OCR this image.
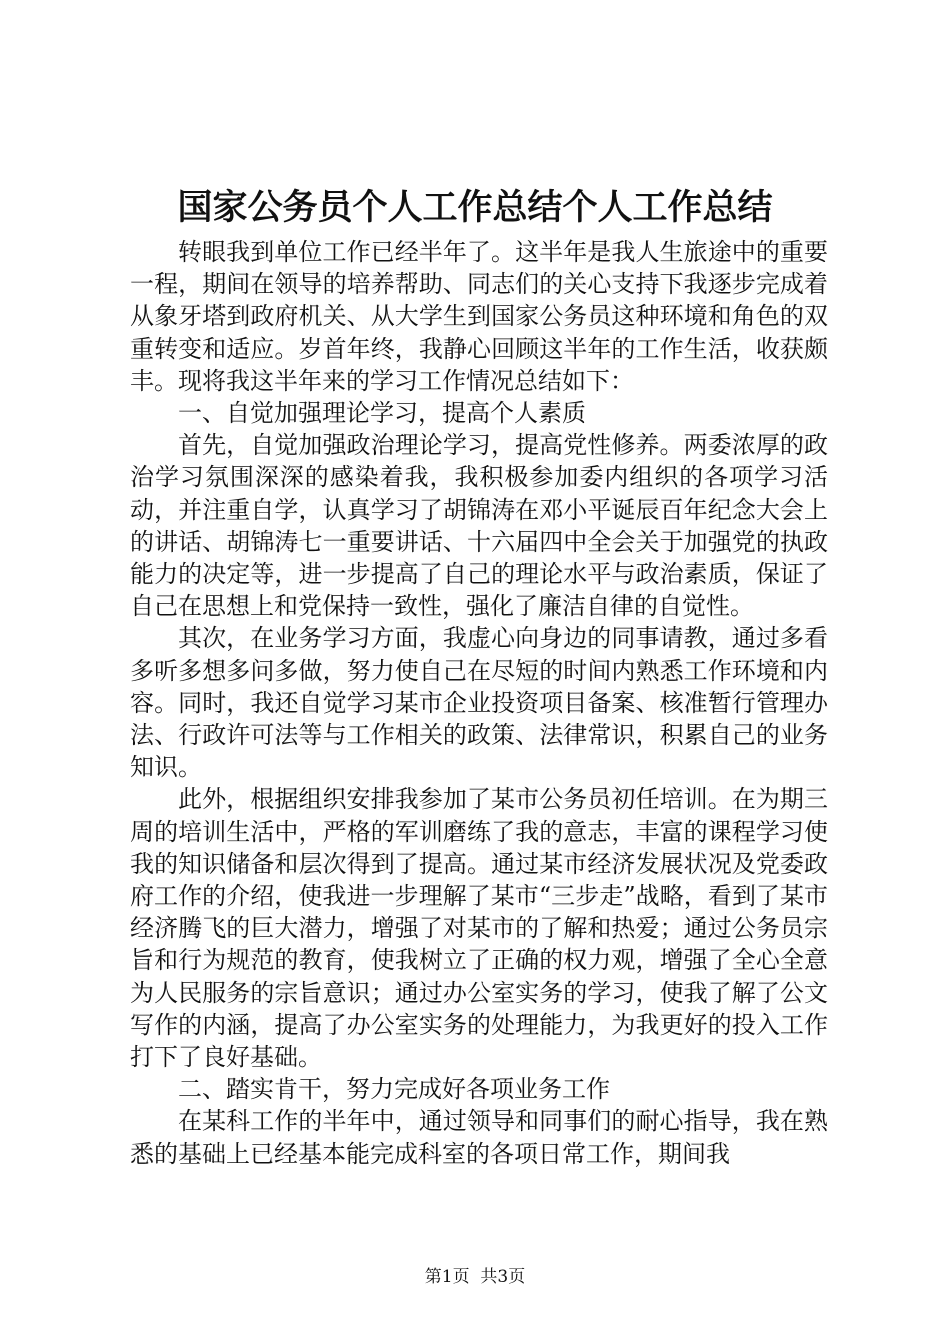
国家公务员个人工作总结个人工作总结

转眼我到单位工作已经半年了。这半年是我人生旅途中的重要一程，期间在领导的培养帮助、同志们的关心支持下我逐步完成着从象牙塔到政府机关、从大学生到国家公务员这种环境和角色的双重转变和适应。岁首年终，我静心回顾这半年的工作生活，收获颇丰。现将我这半年来的学习工作情况总结如下：

一、自觉加强理论学习，提高个人素质

首先，自觉加强政治理论学习，提高党性修养。两委浓厚的政治学习氛围深深的感染着我，我积极参加委内组织的各项学习活动，并注重自学，认真学习了胡锦涛在邓小平诞辰百年纪念大会上的讲话、胡锦涛七一重要讲话、十六届四中全会关于加强党的执政能力的决定等，进一步提高了自己的理论水平与政治素质，保证了自己在思想上和党保持一致性，强化了廉洁自律的自觉性。

其次，在业务学习方面，我虚心向身边的同事请教，通过多看多听多想多问多做，努力使自己在尽短的时间内熟悉工作环境和内容。同时，我还自觉学习某市企业投资项目备案、核准暂行管理办法、行政许可法等与工作相关的政策、法律常识，积累自己的业务知识。

此外，根据组织安排我参加了某市公务员初任培训。在为期三周的培训生活中，严格的军训磨练了我的意志，丰富的课程学习使我的知识储备和层次得到了提高。通过某市经济发展状况及党委政府工作的介绍，使我进一步理解了某市“三步走”战略，看到了某市经济腾飞的巨大潜力，增强了对某市的了解和热爱；通过公务员宗旨和行为规范的教育，使我树立了正确的权力观，增强了全心全意为人民服务的宗旨意识；通过办公室实务的学习，使我了解了公文写作的内涵，提高了办公室实务的处理能力，为我更好的投入工作打下了良好基础。

二、踏实肯干，努力完成好各项业务工作

在某科工作的半年中，通过领导和同事们的耐心指导，我在熟悉的基础上已经基本能完成科室的各项日常工作，期间我

第1页 共3页
